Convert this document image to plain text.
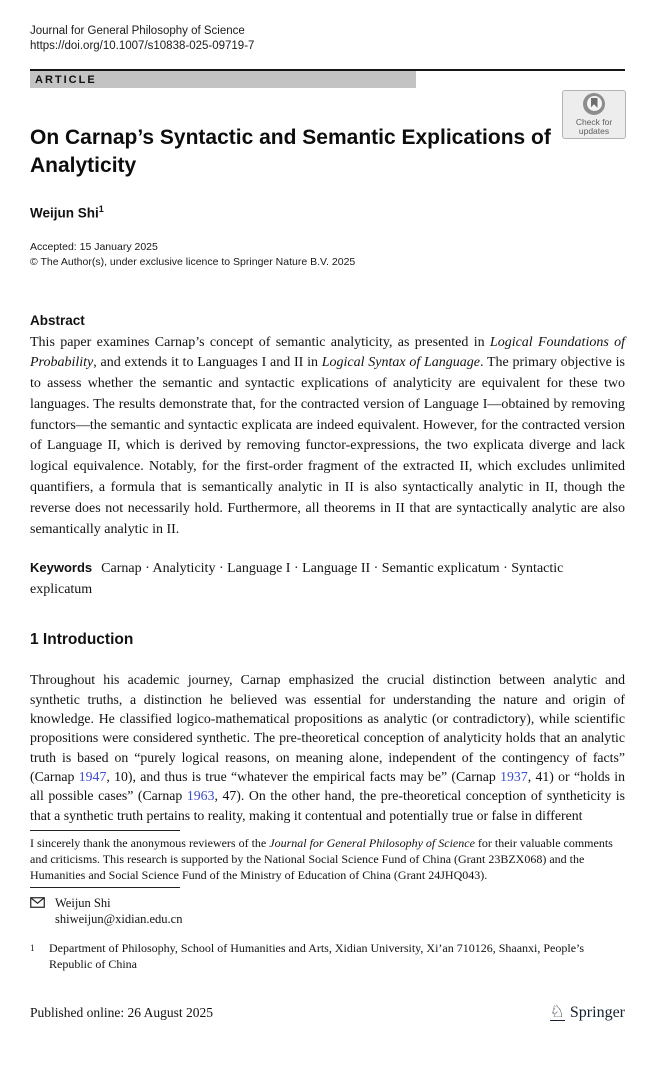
Journal for General Philosophy of Science
https://doi.org/10.1007/s10838-025-09719-7
ARTICLE
Check for
updates
On Carnap’s Syntactic and Semantic Explications of Analyticity
Weijun Shi$^1$
Accepted: 15 January 2025
© The Author(s), under exclusive licence to Springer Nature B.V. 2025
Abstract
This paper examines Carnap’s concept of semantic analyticity, as presented in Logical Foundations of Probability, and extends it to Languages I and II in Logical Syntax of Language. The primary objective is to assess whether the semantic and syntactic explications of analyticity are equivalent for these two languages. The results demonstrate that, for the contracted version of Language I—obtained by removing functors—the semantic and syntactic explicata are indeed equivalent. However, for the contracted version of Language II, which is derived by removing functor-expressions, the two explicata diverge and lack logical equivalence. Notably, for the first-order fragment of the extracted II, which excludes unlimited quantifiers, a formula that is semantically analytic in II is also syntactically analytic in II, though the reverse does not necessarily hold. Furthermore, all theorems in II that are syntactically analytic are also semantically analytic in II.
Keywords Carnap · Analyticity · Language I · Language II · Semantic explicatum · Syntactic explicatum
1 Introduction
Throughout his academic journey, Carnap emphasized the crucial distinction between analytic and synthetic truths, a distinction he believed was essential for understanding the nature and origin of knowledge. He classified logico-mathematical propositions as analytic (or contradictory), while scientific propositions were considered synthetic. The pre-theoretical conception of analyticity holds that an analytic truth is based on “purely logical reasons, on meaning alone, independent of the contingency of facts” (Carnap 1947, 10), and thus is true “whatever the empirical facts may be” (Carnap 1937, 41) or “holds in all possible cases” (Carnap 1963, 47). On the other hand, the pre-theoretical conception of syntheticity is that a synthetic truth pertains to reality, making it contentual and potentially true or false in different
I sincerely thank the anonymous reviewers of the Journal for General Philosophy of Science for their valuable comments and criticisms. This research is supported by the National Social Science Fund of China (Grant 23BZX068) and the Humanities and Social Science Fund of the Ministry of Education of China (Grant 24JHQ043).
Weijun Shi
shiweijun@xidian.edu.cn
1	Department of Philosophy, School of Humanities and Arts, Xidian University, Xi’an 710126, Shaanxi, People’s Republic of China
Published online: 26 August 2025	♘ Springer
